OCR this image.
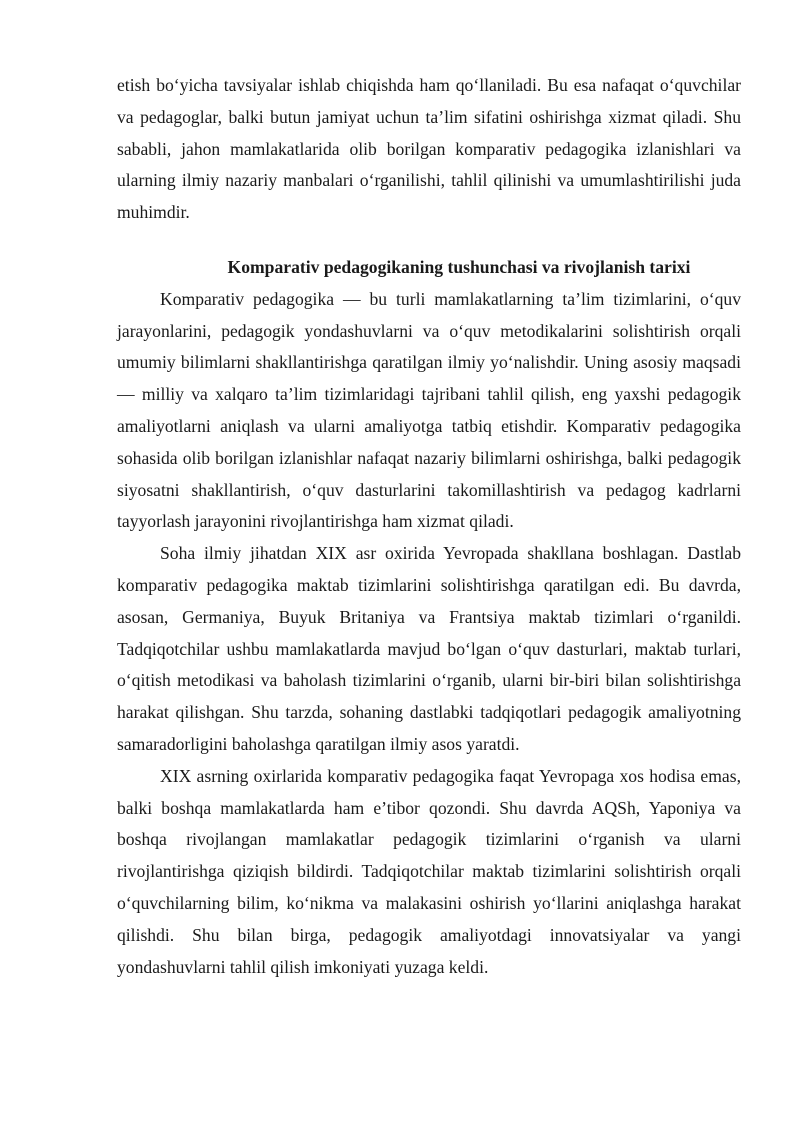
etish bo‘yicha tavsiyalar ishlab chiqishda ham qo‘llaniladi. Bu esa nafaqat o‘quvchilar va pedagoglar, balki butun jamiyat uchun ta’lim sifatini oshirishga xizmat qiladi. Shu sababli, jahon mamlakatlarida olib borilgan komparativ pedagogika izlanishlari va ularning ilmiy nazariy manbalari o‘rganilishi, tahlil qilinishi va umumlashtirilishi juda muhimdir.

Komparativ pedagogikaning tushunchasi va rivojlanish tarixi

Komparativ pedagogika — bu turli mamlakatlarning ta’lim tizimlarini, o‘quv jarayonlarini, pedagogik yondashuvlarni va o‘quv metodikalarini solishtirish orqali umumiy bilimlarni shakllantirishga qaratilgan ilmiy yo‘nalishdir. Uning asosiy maqsadi — milliy va xalqaro ta’lim tizimlaridagi tajribani tahlil qilish, eng yaxshi pedagogik amaliyotlarni aniqlash va ularni amaliyotga tatbiq etishdir. Komparativ pedagogika sohasida olib borilgan izlanishlar nafaqat nazariy bilimlarni oshirishga, balki pedagogik siyosatni shakllantirish, o‘quv dasturlarini takomillashtirish va pedagog kadrlarni tayyorlash jarayonini rivojlantirishga ham xizmat qiladi.

Soha ilmiy jihatdan XIX asr oxirida Yevropada shakllana boshlagan. Dastlab komparativ pedagogika maktab tizimlarini solishtirishga qaratilgan edi. Bu davrda, asosan, Germaniya, Buyuk Britaniya va Frantsiya maktab tizimlari o‘rganildi. Tadqiqotchilar ushbu mamlakatlarda mavjud bo‘lgan o‘quv dasturlari, maktab turlari, o‘qitish metodikasi va baholash tizimlarini o‘rganib, ularni bir-biri bilan solishtirishga harakat qilishgan. Shu tarzda, sohaning dastlabki tadqiqotlari pedagogik amaliyotning samaradorligini baholashga qaratilgan ilmiy asos yaratdi.

XIX asrning oxirlarida komparativ pedagogika faqat Yevropaga xos hodisa emas, balki boshqa mamlakatlarda ham e’tibor qozondi. Shu davrda AQSh, Yaponiya va boshqa rivojlangan mamlakatlar pedagogik tizimlarini o‘rganish va ularni rivojlantirishga qiziqish bildirdi. Tadqiqotchilar maktab tizimlarini solishtirish orqali o‘quvchilarning bilim, ko‘nikma va malakasini oshirish yo‘llarini aniqlashga harakat qilishdi. Shu bilan birga, pedagogik amaliyotdagi innovatsiyalar va yangi yondashuvlarni tahlil qilish imkoniyati yuzaga keldi.
